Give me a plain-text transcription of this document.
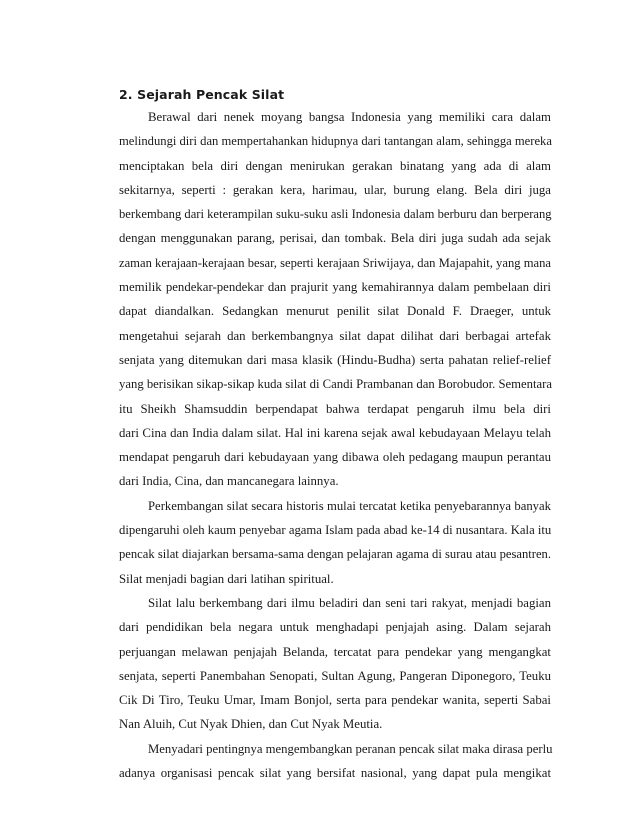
2. Sejarah Pencak Silat
Berawal dari nenek moyang bangsa Indonesia yang memiliki cara dalam
melindungi diri dan mempertahankan hidupnya dari tantangan alam, sehingga mereka
menciptakan bela diri dengan menirukan gerakan binatang yang ada di alam
sekitarnya, seperti : gerakan kera, harimau, ular, burung elang. Bela diri juga
berkembang dari keterampilan suku-suku asli Indonesia dalam berburu dan berperang
dengan menggunakan parang, perisai, dan tombak. Bela diri juga sudah ada sejak
zaman kerajaan-kerajaan besar, seperti kerajaan Sriwijaya, dan Majapahit, yang mana
memilik pendekar-pendekar dan prajurit yang kemahirannya dalam pembelaan diri
dapat diandalkan. Sedangkan menurut penilit silat Donald F. Draeger, untuk
mengetahui sejarah dan berkembangnya silat dapat dilihat dari berbagai artefak
senjata yang ditemukan dari masa klasik (Hindu-Budha) serta pahatan relief-relief
yang berisikan sikap-sikap kuda silat di Candi Prambanan dan Borobudor. Sementara
itu Sheikh Shamsuddin berpendapat bahwa terdapat pengaruh ilmu bela diri
dari Cina dan India dalam silat. Hal ini karena sejak awal kebudayaan Melayu telah
mendapat pengaruh dari kebudayaan yang dibawa oleh pedagang maupun perantau
dari India, Cina, dan mancanegara lainnya.
Perkembangan silat secara historis mulai tercatat ketika penyebarannya banyak
dipengaruhi oleh kaum penyebar agama Islam pada abad ke-14 di nusantara. Kala itu
pencak silat diajarkan bersama-sama dengan pelajaran agama di surau atau pesantren.
Silat menjadi bagian dari latihan spiritual.
Silat lalu berkembang dari ilmu beladiri dan seni tari rakyat, menjadi bagian
dari pendidikan bela negara untuk menghadapi penjajah asing. Dalam sejarah
perjuangan melawan penjajah Belanda, tercatat para pendekar yang mengangkat
senjata, seperti Panembahan Senopati, Sultan Agung, Pangeran Diponegoro, Teuku
Cik Di Tiro, Teuku Umar, Imam Bonjol, serta para pendekar wanita, seperti Sabai
Nan Aluih, Cut Nyak Dhien, dan Cut Nyak Meutia.
Menyadari pentingnya mengembangkan peranan pencak silat maka dirasa perlu
adanya organisasi pencak silat yang bersifat nasional, yang dapat pula mengikat
